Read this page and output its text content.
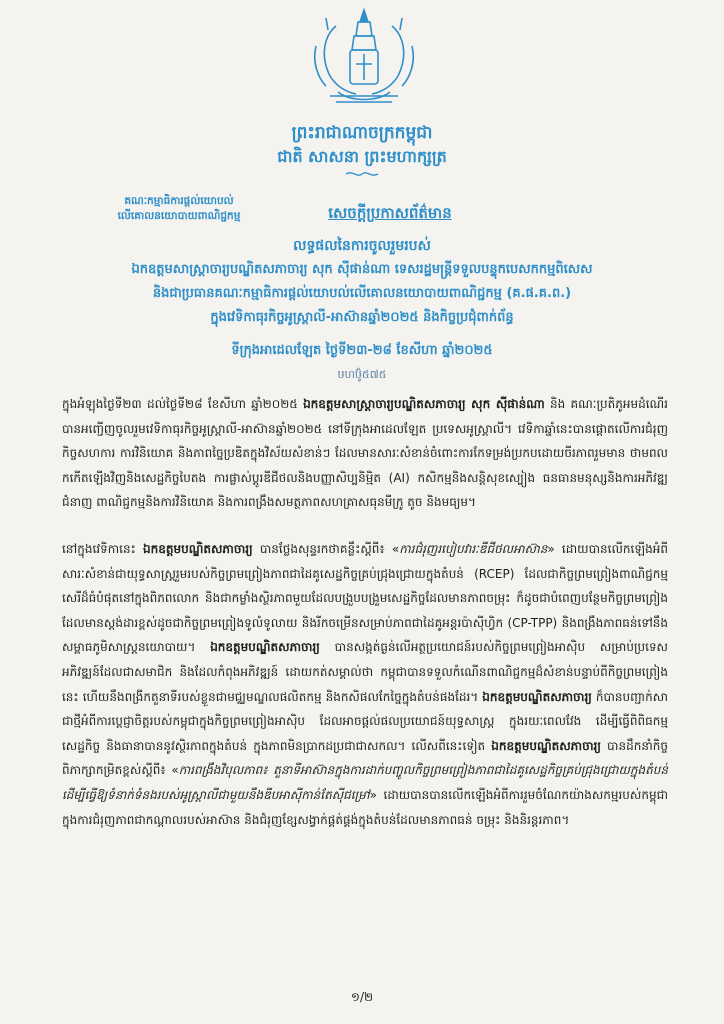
ព្រះរាជាណាចក្រកម្ពុជា
ជាតិ សាសនា ព្រះមហាក្សត្រ
គណៈកម្មាធិការផ្ដល់យោបល់
លើគោលនយោបាយពាណិជ្ជកម្ម	សេចក្ដីប្រកាសព័ត៌មាន
លទ្ធផលនៃការចូលរួមរបស់
ឯកឧត្តមសាស្ត្រាចារ្យបណ្ឌិតសភាចារ្យ សុក ស៊ីផាន់ណា ទេសរដ្ឋមន្ត្រីទទួលបន្ទុកបេសកកម្មពិសេស
និងជាប្រធានគណៈកម្មាធិការផ្ដល់យោបល់លើគោលនយោបាយពាណិជ្ជកម្ម (គ.ផ.គ.ព.)
ក្នុងវេទិកាធុរកិច្ចអូស្ត្រាលី-អាស៊ាន​ឆ្នាំ២០២៥ និងកិច្ចប្រជុំពាក់ព័ន្ធ
ទីក្រុងអាដេលឡែត ថ្ងៃទី២៣-២៨ ខែសីហា ឆ្នាំ២០២៥
ឞហឞ៊៉ូ៥៧៥
ក្នុងអំឡុងថ្ងៃទី២៣ ដល់ថ្ងៃទី២៨ ខែសីហា ឆ្នាំ២០២៥ ឯកឧត្តមសាស្ត្រាចារ្យបណ្ឌិតសភាចារ្យ សុក ស៊ីផាន់ណា និង គណៈប្រតិភូអមដំណើរ បានអញ្ជើញចូលរួមវេទិកាធុរកិច្ចអូស្ត្រាលី-អាស៊ានឆ្នាំ២០២៥ នៅទីក្រុងអាដេលឡែត ប្រទេសអូស្ត្រាលី។ វេទិកាឆ្នាំនេះបានផ្ដោតលើការជំរុញកិច្ចសហការ ការវិនិយោគ និងភាពច្នៃប្រឌិតក្នុងវិស័យសំខាន់ៗ ដែលមានសារៈសំខាន់ចំពោះការកែទម្រង់ប្រកបដោយចីរភាពរួមមាន ថាមពលកកើតឡើងវិញនិងសេដ្ឋកិច្ចបៃតង ការផ្លាស់ប្ដូរឌីជីថលនិងបញ្ញាសិប្បនិម្មិត (AI) កសិកម្មនិងសន្តិសុខស្បៀង ធនធានមនុស្សនិងការអភិវឌ្ឍជំនាញ ពាណិជ្ជកម្មនិងការវិនិយោគ និងការពង្រឹងសមត្ថភាពសហគ្រាសធុនមីក្រូ តូច និងមធ្យម។
នៅក្នុងវេទិកានេះ ឯកឧត្តមបណ្ឌិតសភាចារ្យ បានថ្លែងសុន្ទរកថាគន្លឹះស្ដីពី៖ «ការជំរុញរបៀបវារៈឌីជីថលអាស៊ាន» ដោយបានលើកឡើងអំពីសារៈសំខាន់ជាយុទ្ធសាស្ត្ររួមរបស់កិច្ចព្រមព្រៀងភាពជាដៃគូសេដ្ឋកិច្ចគ្រប់ជ្រុងជ្រោយក្នុងតំបន់ (RCEP) ដែលជាកិច្ចព្រមព្រៀងពាណិជ្ជកម្មសេរីដ៏ធំបំផុតនៅក្នុងពិភពលោក និងជាកម្លាំងស្ថិរភាពមួយដែលបង្រួបបង្រួមសេដ្ឋកិច្ចដែលមានភាពចម្រុះ ក៏ដូចជាបំពេញបន្ថែមកិច្ចព្រមព្រៀងដែលមានស្តង់ដារខ្ពស់ដូចជាកិច្ចព្រមព្រៀងទូលំទូលាយ និងរីកចម្រើនសម្រាប់ភាពជាដៃគូអន្តរប៉ាស៊ីហ្វិក (CP-TPP) និងពង្រឹងភាពធន់ទៅនឹងសម្ពាធភូមិសាស្ត្រនយោបាយ។ ឯកឧត្តមបណ្ឌិតសភាចារ្យ បានសង្កត់ធ្ងន់លើអត្ថប្រយោជន៍របស់កិច្ចព្រមព្រៀងអាស៊ិប សម្រាប់ប្រទេសអភិវឌ្ឍន៍ដែលជាសមាជិក និងដែលកំពុងអភិវឌ្ឍន៍ ដោយកត់សម្គាល់ថា កម្ពុជាបានទទួលកំណើនពាណិជ្ជកម្មដ៏សំខាន់បន្ទាប់ពីកិច្ចព្រមព្រៀងនេះ ហើយនឹងពង្រីកតួនាទីរបស់ខ្លួនជាមជ្ឈមណ្ឌលផលិតកម្ម និងកសិផលកែច្នៃក្នុងតំបន់ផងដែរ។ ឯកឧត្តមបណ្ឌិតសភាចារ្យ ក៏បានបញ្ជាក់សាជាថ្មីអំពីការប្ដេជ្ញាចិត្តរបស់កម្ពុជាក្នុងកិច្ចព្រមព្រៀងអាស៊ិប ដែលអាចផ្ដល់ផលប្រយោជន៍យុទ្ធសាស្ត្រ ក្នុងរយៈពេលវែង ដើម្បីធ្វើពិពិធកម្មសេដ្ឋកិច្ច និងធានាបាននូវស្ថិរភាពក្នុងតំបន់ ក្នុងភាពមិនប្រាកដប្រជាជាសកល។ លើសពីនេះទៀត ឯកឧត្តមបណ្ឌិតសភាចារ្យ បានដឹកនាំកិច្ចពិភាក្សាកម្រិតខ្ពស់ស្ដីពី៖ «ការពង្រឹងវិបុលភាព៖ តួនាទីអាស៊ានក្នុងការដាក់បញ្ចូលកិច្ចព្រមព្រៀងភាពជាដៃគូសេដ្ឋកិច្ចគ្រប់ជ្រុងជ្រោយក្នុងតំបន់ ដើម្បីធ្វើឱ្យទំនាក់ទំនងរបស់អូស្ត្រាលីជាមួយនឹងឌីបអាស៊ីកាន់តែស៊ីជម្រៅ» ដោយបានបានលើកឡើងអំពីការរួមចំណែកយ៉ាងសកម្មរបស់កម្ពុជាក្នុងការជំរុញភាពជាកណ្ដាលរបស់អាស៊ាន និងជំរុញខ្សែសង្វាក់ផ្គត់ផ្គង់ក្នុងតំបន់ដែលមានភាពធន់ ចម្រុះ និងនិរន្តរភាព។
១/២
